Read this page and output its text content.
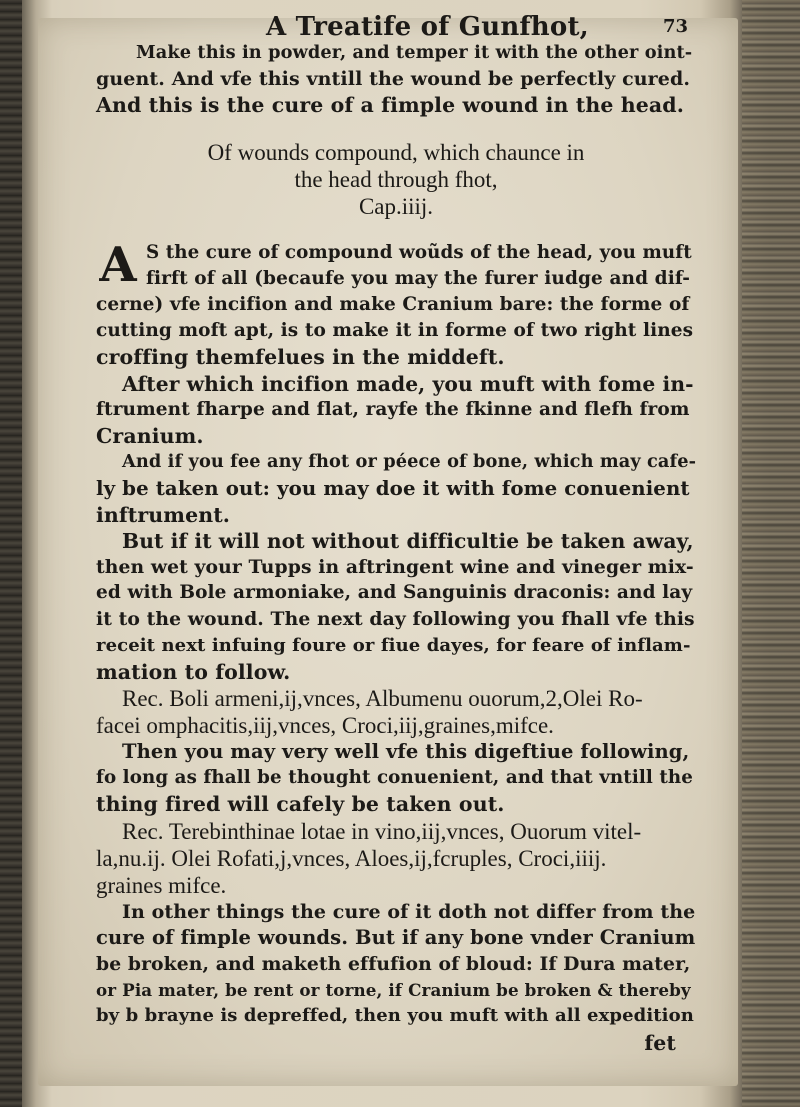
A Treatife of Gunfhot,	73
Make this in powder, and temper it with the other oint-
guent. And vfe this vntill the wound be perfectly cured.
And this is the cure of a fimple wound in the head.
Of wounds compound, which chaunce in
the head through fhot,
Cap.iiij.
A S the cure of compound woũds of the head, you muft
firft of all (becaufe you may the furer iudge and dif-
cerne) vfe incifion and make Cranium bare: the forme of
cutting moft apt, is to make it in forme of two right lines
croffing themfelues in the middeft.
After which incifion made, you muft with fome in-
ftrument fharpe and flat, rayfe the fkinne and flefh from
Cranium.
And if you fee any fhot or péece of bone, which may cafe-
ly be taken out: you may doe it with fome conuenient
inftrument.
But if it will not without difficultie be taken away,
then wet your Tupps in aftringent wine and vineger mix-
ed with Bole armoniake, and Sanguinis draconis: and lay
it to the wound. The next day following you fhall vfe this
receit next infuing foure or fiue dayes, for feare of inflam-
mation to follow.
Rec. Boli armeni,ij,vnces, Albumenu ouorum,2,Olei Ro-
facei omphacitis,iij,vnces, Croci,iij,graines,mifce.
Then you may very well vfe this digeftiue following,
fo long as fhall be thought conuenient, and that vntill the
thing fired will cafely be taken out.
Rec. Terebinthinae lotae in vino,iij,vnces, Ouorum vitel-
la,nu.ij. Olei Rofati,j,vnces, Aloes,ij,fcruples, Croci,iiij.
graines mifce.
In other things the cure of it doth not differ from the
cure of fimple wounds. But if any bone vnder Cranium
be broken, and maketh effufion of bloud: If Dura mater,
or Pia mater, be rent or torne, if Cranium be broken & thereby
by b brayne is depreffed, then you muft with all expedition
fet
